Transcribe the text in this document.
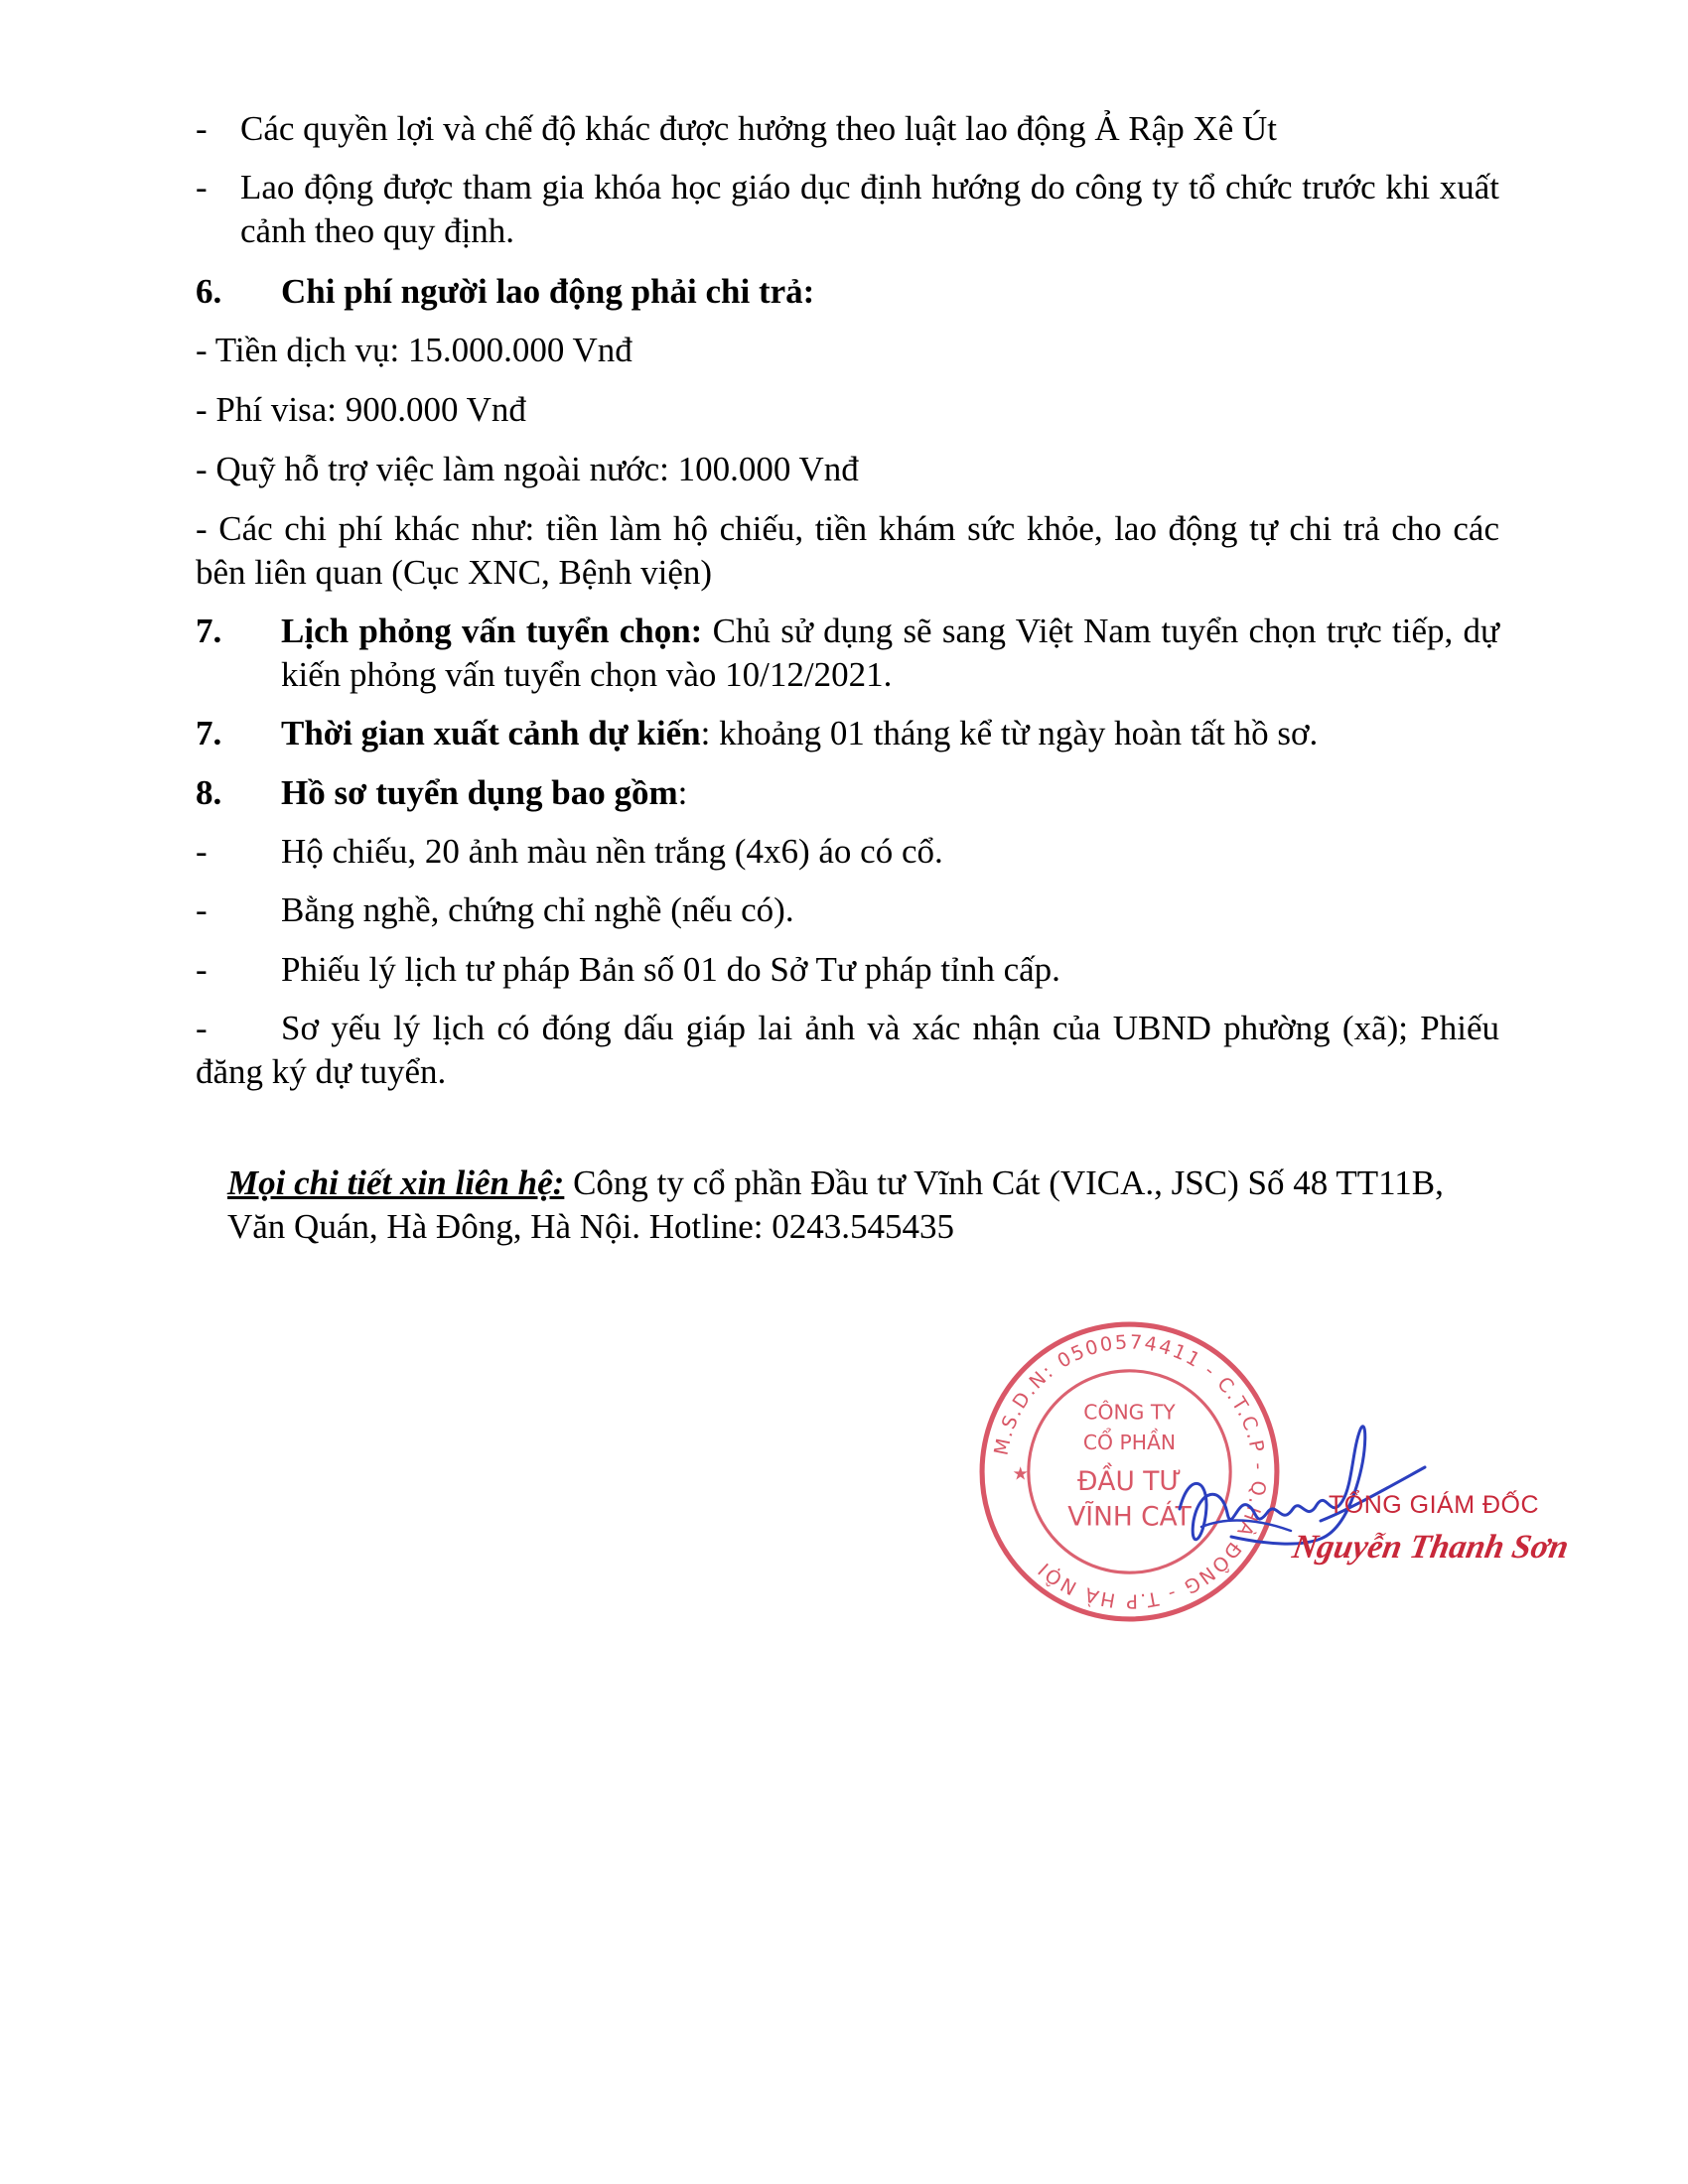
- Các quyền lợi và chế độ khác được hưởng theo luật lao động Ả Rập Xê Út
- Lao động được tham gia khóa học giáo dục định hướng do công ty tổ chức trước khi xuất cảnh theo quy định.
6. Chi phí người lao động phải chi trả:
- Tiền dịch vụ: 15.000.000 Vnđ
- Phí visa: 900.000 Vnđ
- Quỹ hỗ trợ việc làm ngoài nước: 100.000 Vnđ
- Các chi phí khác như: tiền làm hộ chiếu, tiền khám sức khỏe, lao động tự chi trả cho các bên liên quan (Cục XNC, Bệnh viện)
7. Lịch phỏng vấn tuyển chọn: Chủ sử dụng sẽ sang Việt Nam tuyển chọn trực tiếp, dự kiến phỏng vấn tuyển chọn vào 10/12/2021.
7. Thời gian xuất cảnh dự kiến: khoảng 01 tháng kể từ ngày hoàn tất hồ sơ.
8. Hồ sơ tuyển dụng bao gồm:
- Hộ chiếu, 20 ảnh màu nền trắng (4x6) áo có cổ.
- Bằng nghề, chứng chỉ nghề (nếu có).
- Phiếu lý lịch tư pháp Bản số 01 do Sở Tư pháp tỉnh cấp.
- Sơ yếu lý lịch có đóng dấu giáp lai ảnh và xác nhận của UBND phường (xã); Phiếu đăng ký dự tuyển.
Mọi chi tiết xin liên hệ: Công ty cổ phần Đầu tư Vĩnh Cát (VICA., JSC) Số 48 TT11B, Văn Quán, Hà Đông, Hà Nội. Hotline: 0243.545435
M.S.D.N: 0500574411 - C.T.C.P - Q.HÀ ĐÔNG - T.P HÀ NỘI
CÔNG TY
CỔ PHẦN
ĐẦU TƯ
VĨNH CÁT
★
TỔNG GIÁM ĐỐC
Nguyễn Thanh Sơn
